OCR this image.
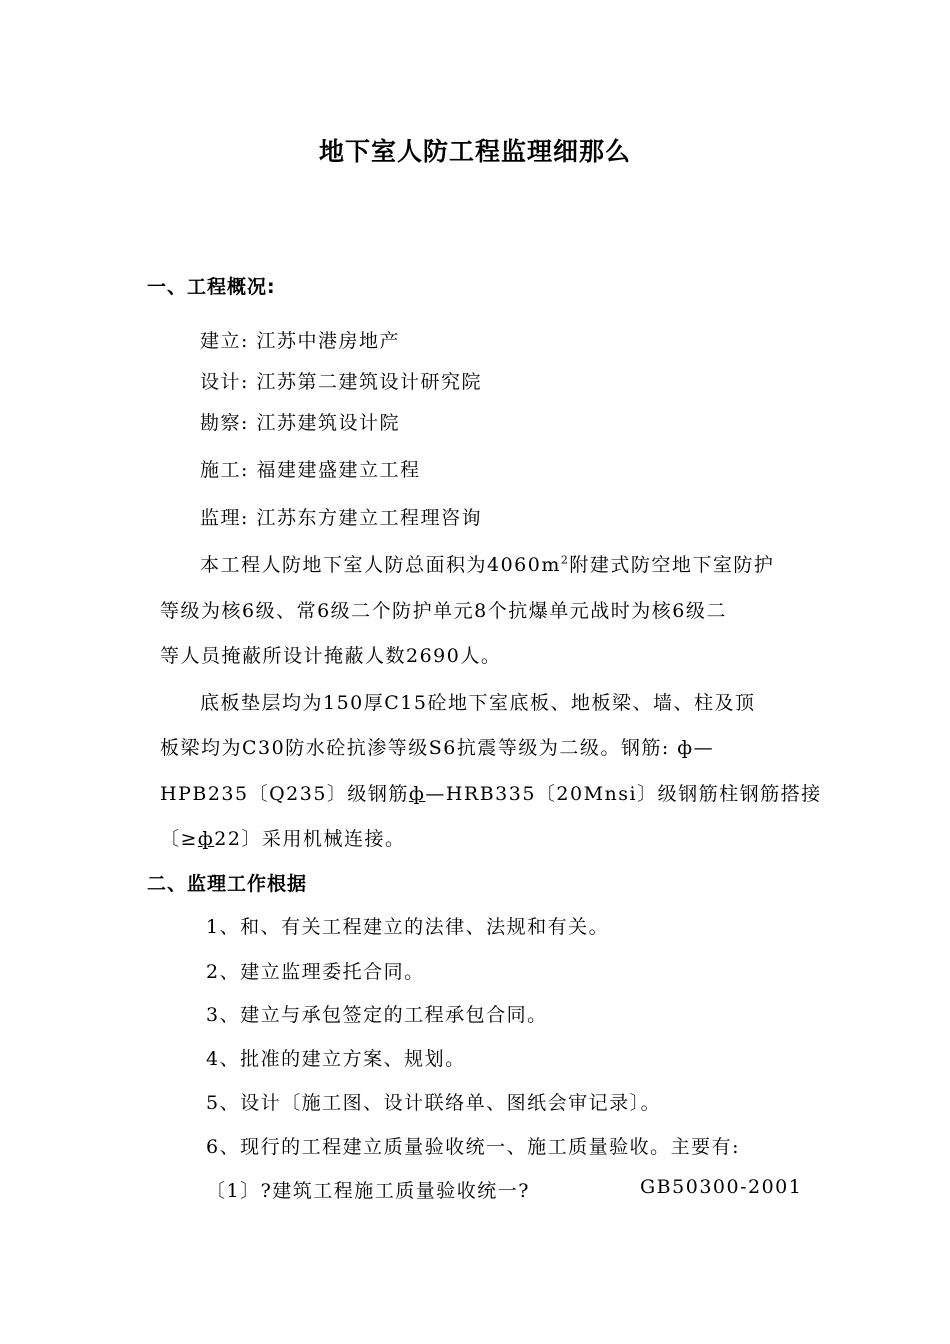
地下室人防工程监理细那么
一、工程概况:
建立: 江苏中港房地产
设计: 江苏第二建筑设计研究院
勘察: 江苏建筑设计院
施工: 福建建盛建立工程
监理: 江苏东方建立工程理咨询
本工程人防地下室人防总面积为$4060m^2$附建式防空地下室防护
等级为核6级、常6级二个防护单元8个抗爆单元战时为核6级二
等人员掩蔽所设计掩蔽人数2690人。
底板垫层均为150厚C15砼地下室底板、地板梁、墙、柱及顶
板梁均为C30防水砼抗渗等级S6抗震等级为二级。钢筋: ф—
HPB235〔Q235〕级钢筋ф—HRB335〔20Mnsi〕级钢筋柱钢筋搭接
〔≥ф22〕采用机械连接。
二、监理工作根据
1、和、有关工程建立的法律、法规和有关。
2、建立监理委托合同。
3、建立与承包签定的工程承包合同。
4、批准的建立方案、规划。
5、设计〔施工图、设计联络单、图纸会审记录〕。
6、现行的工程建立质量验收统一、施工质量验收。主要有:
〔1〕?建筑工程施工质量验收统一?	GB50300-2001
